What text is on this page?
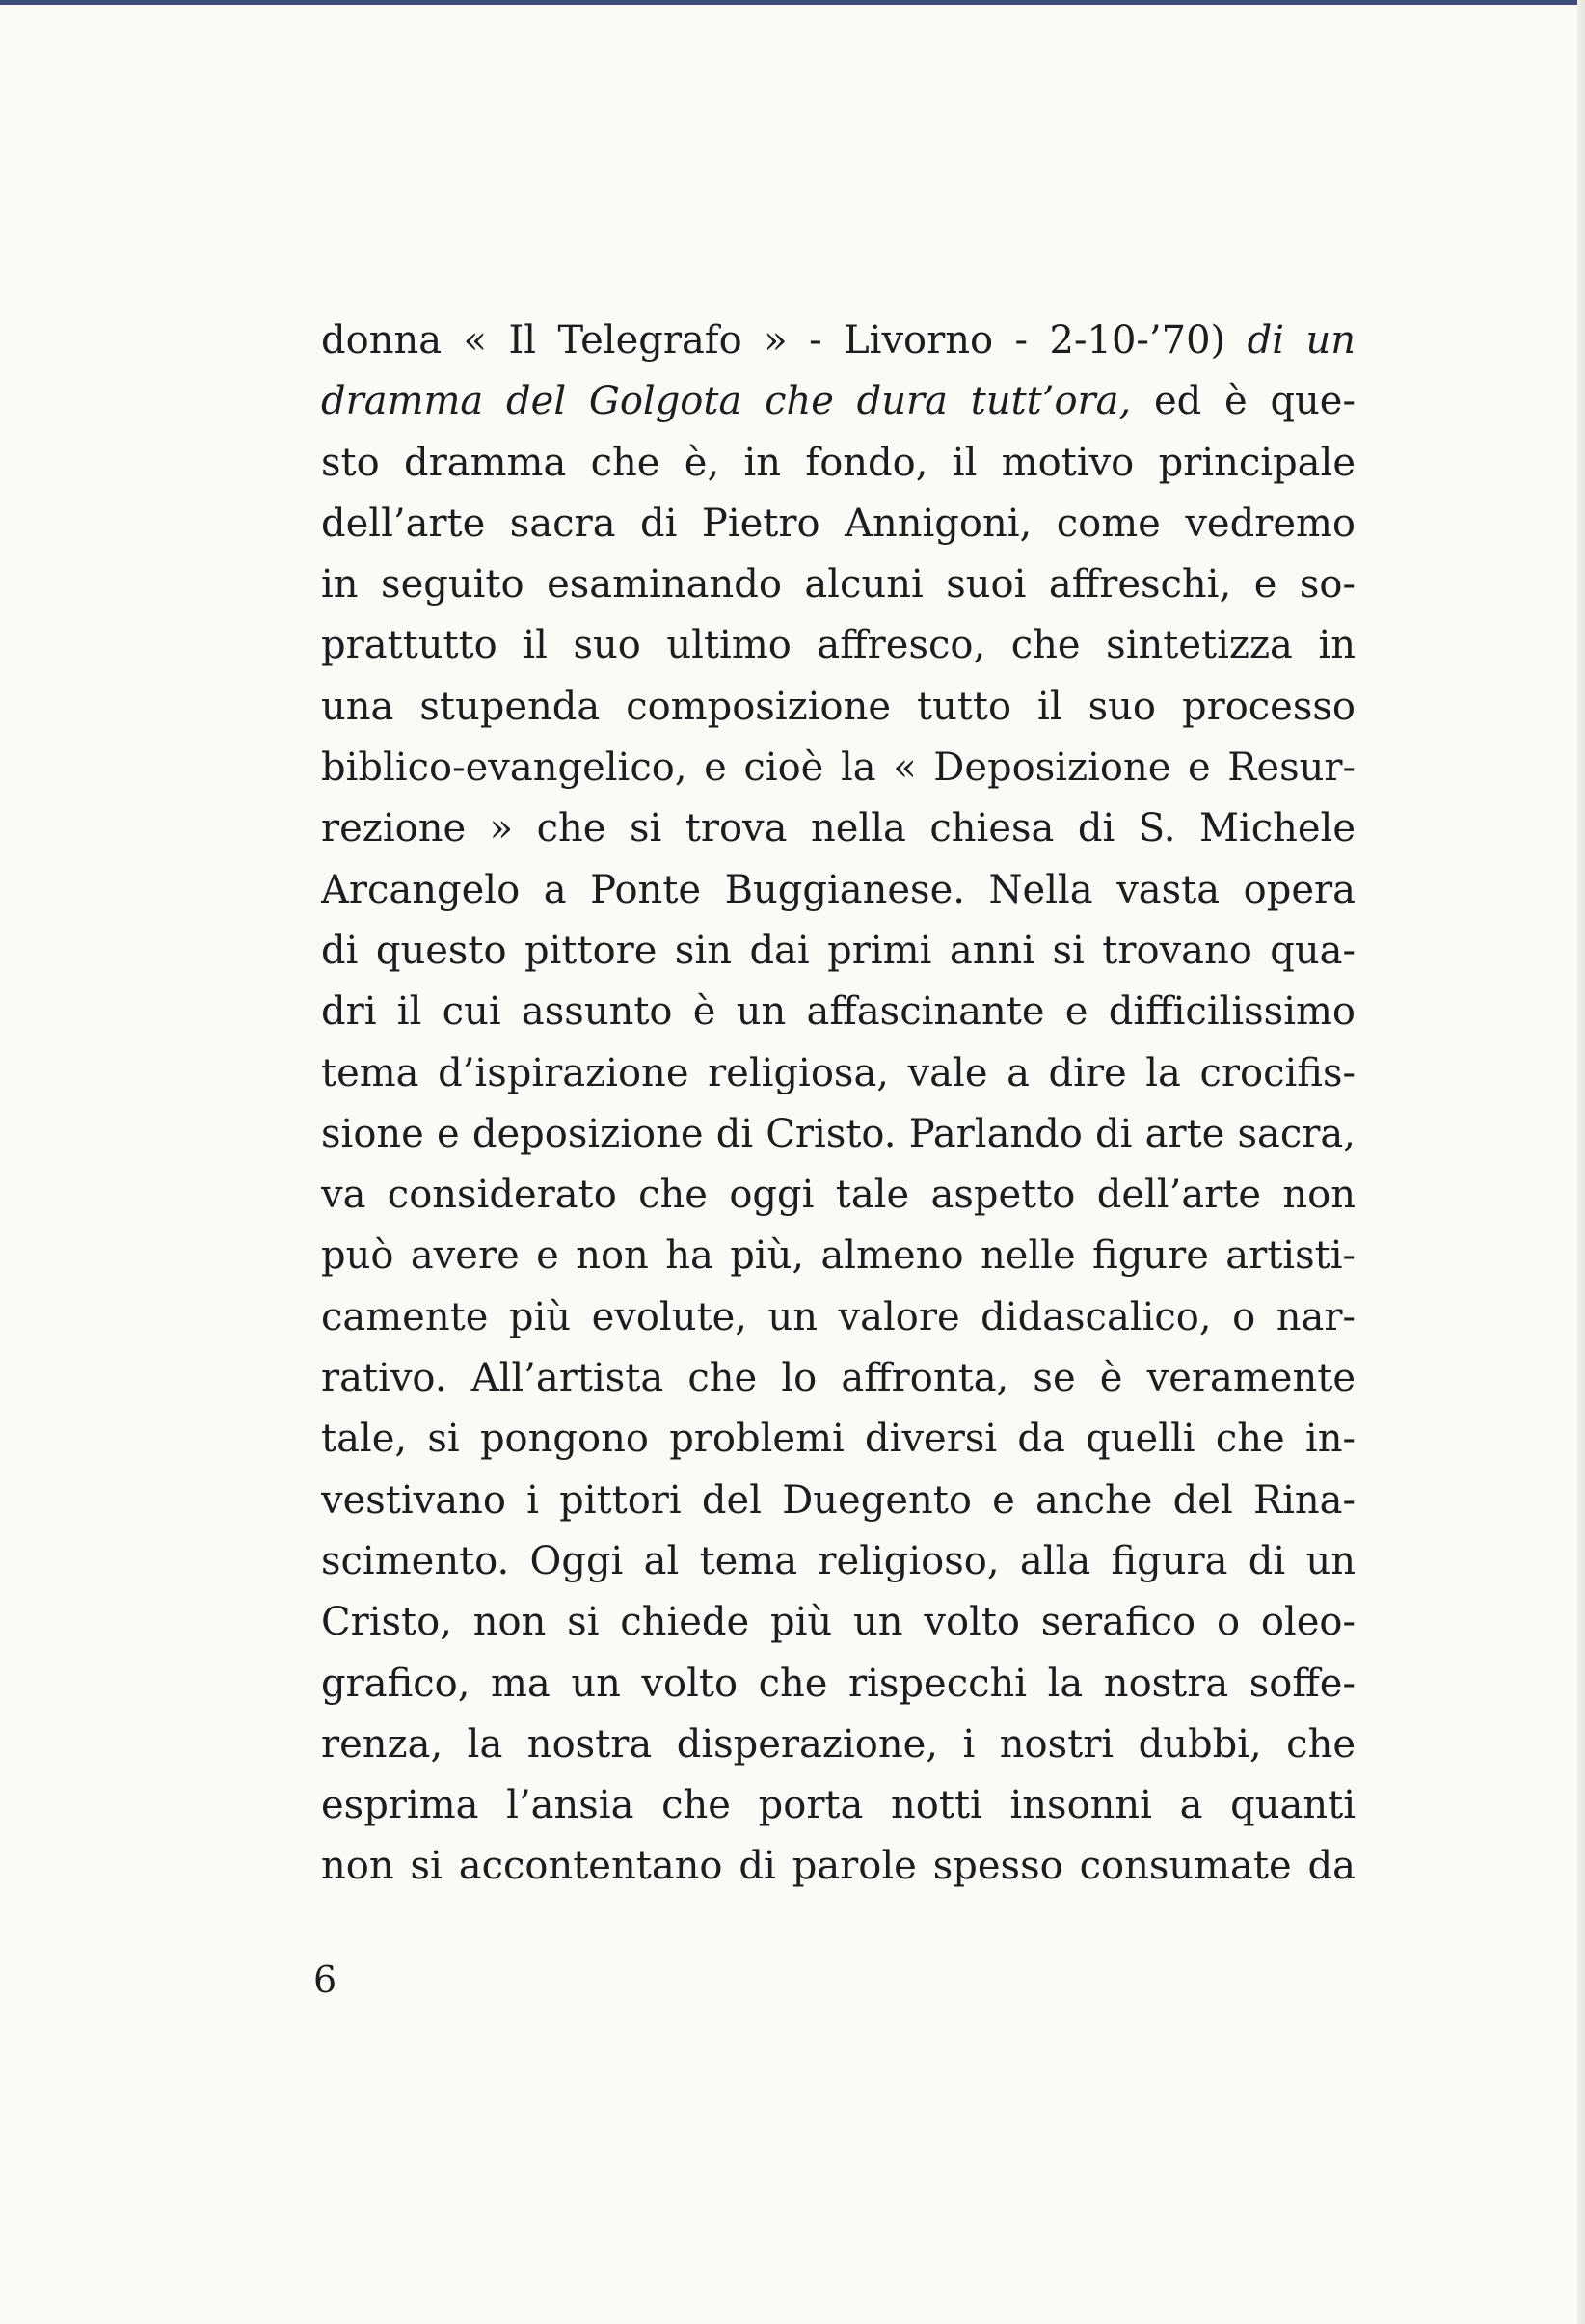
donna « Il Telegrafo » - Livorno - 2-10-’70) di un
dramma del Golgota che dura tutt’ora, ed è que-
sto dramma che è, in fondo, il motivo principale
dell’arte sacra di Pietro Annigoni, come vedremo
in seguito esaminando alcuni suoi affreschi, e so-
prattutto il suo ultimo affresco, che sintetizza in
una stupenda composizione tutto il suo processo
biblico-evangelico, e cioè la « Deposizione e Resur-
rezione » che si trova nella chiesa di S. Michele
Arcangelo a Ponte Buggianese. Nella vasta opera
di questo pittore sin dai primi anni si trovano qua-
dri il cui assunto è un affascinante e difficilissimo
tema d’ispirazione religiosa, vale a dire la crocifis-
sione e deposizione di Cristo. Parlando di arte sacra,
va considerato che oggi tale aspetto dell’arte non
può avere e non ha più, almeno nelle figure artisti-
camente più evolute, un valore didascalico, o nar-
rativo. All’artista che lo affronta, se è veramente
tale, si pongono problemi diversi da quelli che in-
vestivano i pittori del Duegento e anche del Rina-
scimento. Oggi al tema religioso, alla figura di un
Cristo, non si chiede più un volto serafico o oleo-
grafico, ma un volto che rispecchi la nostra soffe-
renza, la nostra disperazione, i nostri dubbi, che
esprima l’ansia che porta notti insonni a quanti
non si accontentano di parole spesso consumate da
6
